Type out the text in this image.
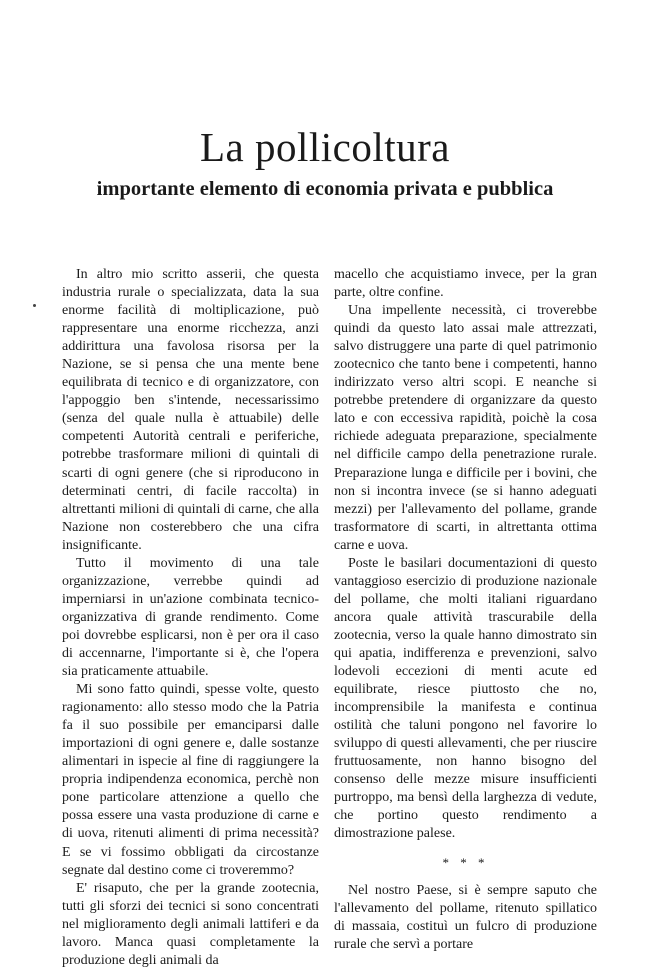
La pollicoltura
importante elemento di economia privata e pubblica

In altro mio scritto asserii, che questa industria rurale o specializzata, data la sua enorme facilità di moltiplicazione, può rappresentare una enorme ricchezza, anzi addirittura una favolosa risorsa per la Nazione, se si pensa che una mente bene equilibrata di tecnico e di organizzatore, con l'appoggio ben s'intende, necessarissimo (senza del quale nulla è attuabile) delle competenti Autorità centrali e periferiche, potrebbe trasformare milioni di quintali di scarti di ogni genere (che si riproducono in determinati centri, di facile raccolta) in altrettanti milioni di quintali di carne, che alla Nazione non costerebbero che una cifra insignificante.

Tutto il movimento di una tale organizzazione, verrebbe quindi ad imperniarsi in un'azione combinata tecnico-organizzativa di grande rendimento. Come poi dovrebbe esplicarsi, non è per ora il caso di accennarne, l'importante si è, che l'opera sia praticamente attuabile.

Mi sono fatto quindi, spesse volte, questo ragionamento: allo stesso modo che la Patria fa il suo possibile per emanciparsi dalle importazioni di ogni genere e, dalle sostanze alimentari in ispecie al fine di raggiungere la propria indipendenza economica, perchè non pone particolare attenzione a quello che possa essere una vasta produzione di carne e di uova, ritenuti alimenti di prima necessità? E se vi fossimo obbligati da circostanze segnate dal destino come ci troveremmo?

E' risaputo, che per la grande zootecnia, tutti gli sforzi dei tecnici si sono concentrati nel miglioramento degli animali lattiferi e da lavoro. Manca quasi completamente la produzione degli animali da

macello che acquistiamo invece, per la gran parte, oltre confine.

Una impellente necessità, ci troverebbe quindi da questo lato assai male attrezzati, salvo distruggere una parte di quel patrimonio zootecnico che tanto bene i competenti, hanno indirizzato verso altri scopi. E neanche si potrebbe pretendere di organizzare da questo lato e con eccessiva rapidità, poichè la cosa richiede adeguata preparazione, specialmente nel difficile campo della penetrazione rurale. Preparazione lunga e difficile per i bovini, che non si incontra invece (se si hanno adeguati mezzi) per l'allevamento del pollame, grande trasformatore di scarti, in altrettanta ottima carne e uova.

Poste le basilari documentazioni di questo vantaggioso esercizio di produzione nazionale del pollame, che molti italiani riguardano ancora quale attività trascurabile della zootecnia, verso la quale hanno dimostrato sin qui apatia, indifferenza e prevenzioni, salvo lodevoli eccezioni di menti acute ed equilibrate, riesce piuttosto che no, incomprensibile la manifesta e continua ostilità che taluni pongono nel favorire lo sviluppo di questi allevamenti, che per riuscire fruttuosamente, non hanno bisogno del consenso delle mezze misure insufficienti purtroppo, ma bensì della larghezza di vedute, che portino questo rendimento a dimostrazione palese.

* * *

Nel nostro Paese, si è sempre saputo che l'allevamento del pollame, ritenuto spillatico di massaia, costituì un fulcro di produzione rurale che servì a portare
